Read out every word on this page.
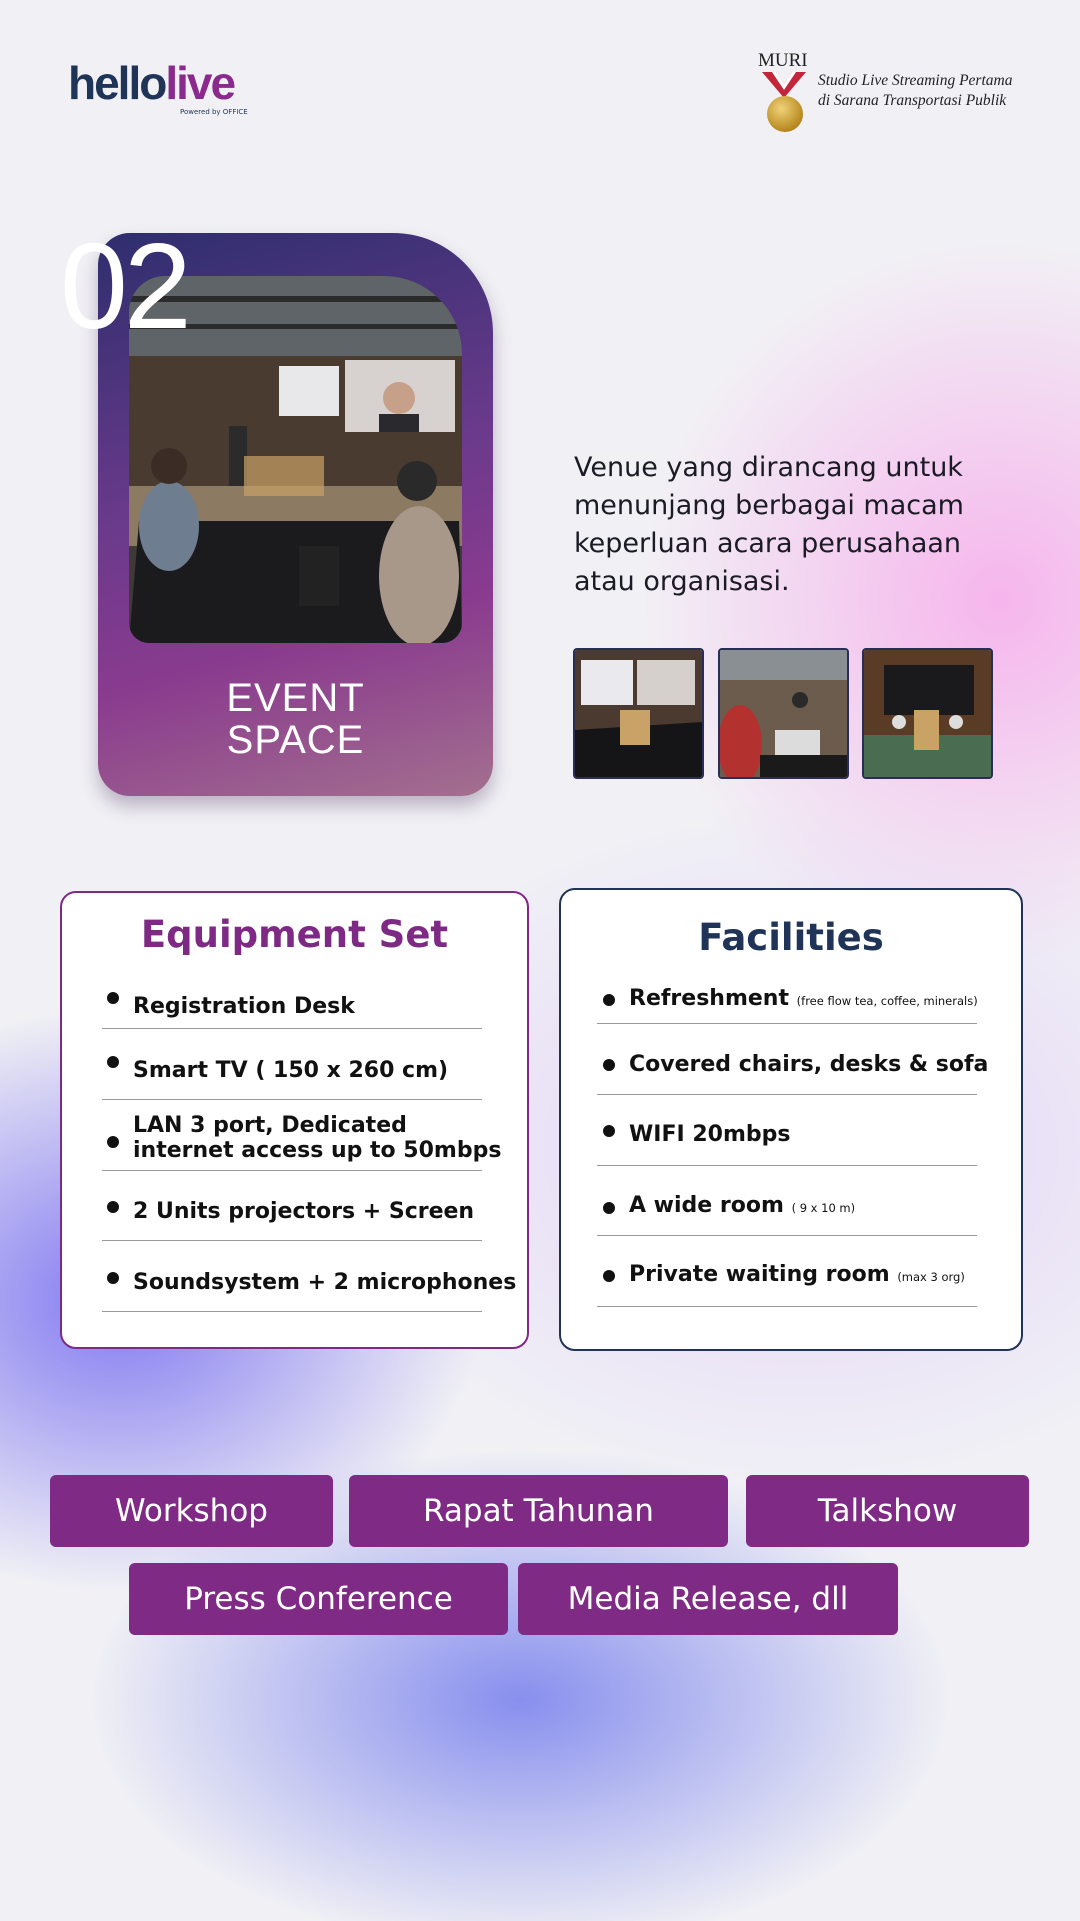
hellolive
Powered by OFFICE
MURI
Studio Live Streaming Pertama
di Sarana Transportasi Publik
EVENT
SPACE
02
Venue yang dirancang untuk menunjang berbagai macam keperluan acara perusahaan atau organisasi.
Equipment Set
Registration Desk
Smart TV ( 150 x 260 cm)
LAN 3 port, Dedicated
internet access up to 50mbps
2 Units projectors + Screen
Soundsystem + 2 microphones
Facilities
Refreshment (free flow tea, coffee, minerals)
Covered chairs, desks & sofa
WIFI 20mbps
A wide room ( 9 x 10 m)
Private waiting room (max 3 org)
Workshop	Rapat Tahunan	Talkshow
Press Conference	Media Release, dll
